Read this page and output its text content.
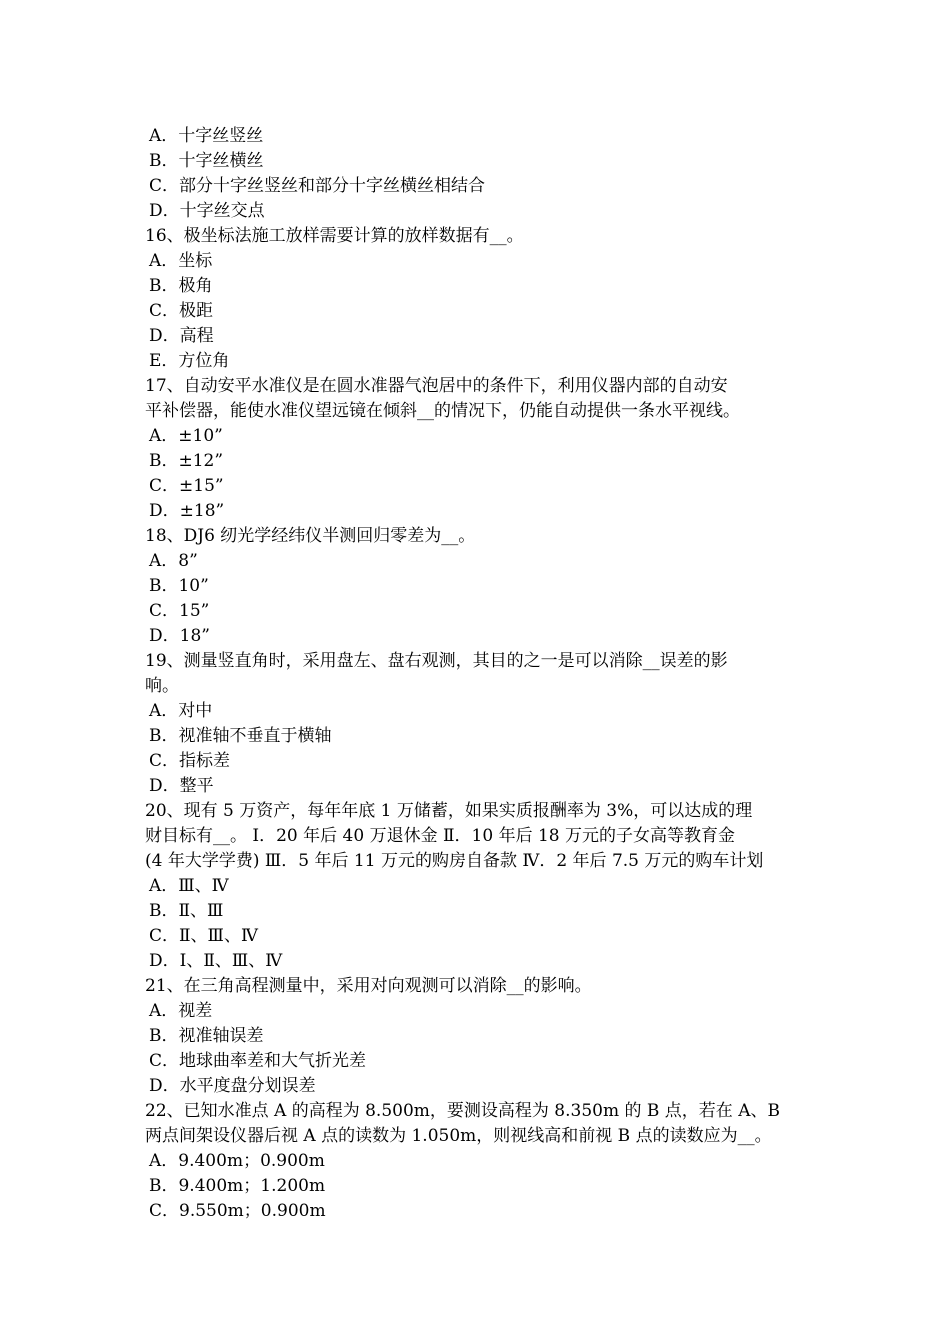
A．十字丝竖丝

B．十字丝横丝

C．部分十字丝竖丝和部分十字丝横丝相结合

D．十字丝交点

16、极坐标法施工放样需要计算的放样数据有__。

A．坐标

B．极角

C．极距

D．高程

E．方位角

17、自动安平水准仪是在圆水准器气泡居中的条件下，利用仪器内部的自动安

平补偿器，能使水准仪望远镜在倾斜__的情况下，仍能自动提供一条水平视线。

A．±10”

B．±12”

C．±15”

D．±18”

18、DJ6 纫光学经纬仪半测回归零差为__。

A．8”

B．10”

C．15”

D．18”

19、测量竖直角时，采用盘左、盘右观测，其目的之一是可以消除__误差的影

响。

A．对中

B．视准轴不垂直于横轴

C．指标差

D．整平

20、现有 5 万资产，每年年底 1 万储蓄，如果实质报酬率为 3%，可以达成的理

财目标有__。 Ⅰ．20 年后 40 万退休金 Ⅱ．10 年后 18 万元的子女高等教育金

(4 年大学学费) Ⅲ．5 年后 11 万元的购房自备款 Ⅳ．2 年后 7.5 万元的购车计划

A．Ⅲ、Ⅳ

B．Ⅱ、Ⅲ

C．Ⅱ、Ⅲ、Ⅳ

D．Ⅰ、Ⅱ、Ⅲ、Ⅳ

21、在三角高程测量中，采用对向观测可以消除__的影响。

A．视差

B．视准轴误差

C．地球曲率差和大气折光差

D．水平度盘分划误差

22、已知水准点 A 的高程为 8.500m，要测设高程为 8.350m 的 B 点，若在 A、B

两点间架设仪器后视 A 点的读数为 1.050m，则视线高和前视 B 点的读数应为__。

A．9.400m；0.900m

B．9.400m；1.200m

C．9.550m；0.900m
